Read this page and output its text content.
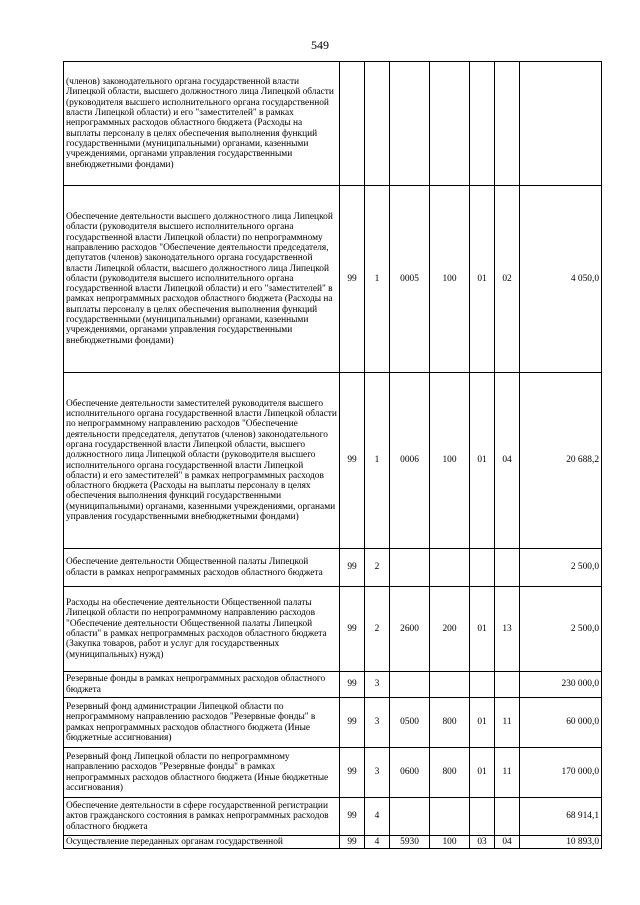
549
(членов) законодательного органа государственной власти Липецкой области, высшего должностного лица Липецкой области (руководителя высшего исполнительного органа государственной власти Липецкой области) и его "заместителей" в рамках непрограммных расходов областного бюджета (Расходы на выплаты персоналу в целях обеспечения выполнения функций государственными (муниципальными) органами, казенными учреждениями, органами управления государственными внебюджетными фондами)							
Обеспечение деятельности высшего должностного лица Липецкой области (руководителя высшего исполнительного органа государственной власти Липецкой области) по непрограммному направлению расходов "Обеспечение деятельности председателя, депутатов (членов) законодательного органа государственной власти Липецкой области, высшего должностного лица Липецкой области (руководителя высшего исполнительного органа государственной власти Липецкой области) и его "заместителей" в рамках непрограммных расходов областного бюджета (Расходы на выплаты персоналу в целях обеспечения выполнения функций государственными (муниципальными) органами, казенными учреждениями, органами управления государственными внебюджетными фондами)	99	1	0005	100	01	02	4 050,0
Обеспечение деятельности заместителей руководителя высшего исполнительного органа государственной власти Липецкой области по непрограммному направлению расходов "Обеспечение деятельности председателя, депутатов (членов) законодательного органа государственной власти Липецкой области, высшего должностного лица Липецкой области (руководителя высшего исполнительного органа государственной власти Липецкой области) и его заместителей" в рамках непрограммных расходов областного бюджета (Расходы на выплаты персоналу в целях обеспечения выполнения функций государственными (муниципальными) органами, казенными учреждениями, органами управления государственными внебюджетными фондами)	99	1	0006	100	01	04	20 688,2
Обеспечение деятельности Общественной палаты Липецкой области в рамках непрограммных расходов областного бюджета	99	2					2 500,0
Расходы на обеспечение деятельности Общественной палаты Липецкой области по непрограммному направлению расходов "Обеспечение деятельности Общественной палаты Липецкой области" в рамках непрограммных расходов областного бюджета (Закупка товаров, работ и услуг для государственных (муниципальных) нужд)	99	2	2600	200	01	13	2 500,0
Резервные фонды в рамках непрограммных расходов областного бюджета	99	3					230 000,0
Резервный фонд администрации Липецкой области по непрограммному направлению расходов "Резервные фонды" в рамках непрограммных расходов областного бюджета (Иные бюджетные ассигнования)	99	3	0500	800	01	11	60 000,0
Резервный фонд Липецкой области по непрограммному направлению расходов "Резервные фонды" в рамках непрограммных расходов областного бюджета (Иные бюджетные ассигнования)	99	3	0600	800	01	11	170 000,0
Обеспечение деятельности в сфере государственной регистрации актов гражданского состояния в рамках непрограммных расходов областного бюджета	99	4					68 914,1
Осуществление переданных органам государственной	99	4	5930	100	03	04	10 893,0
